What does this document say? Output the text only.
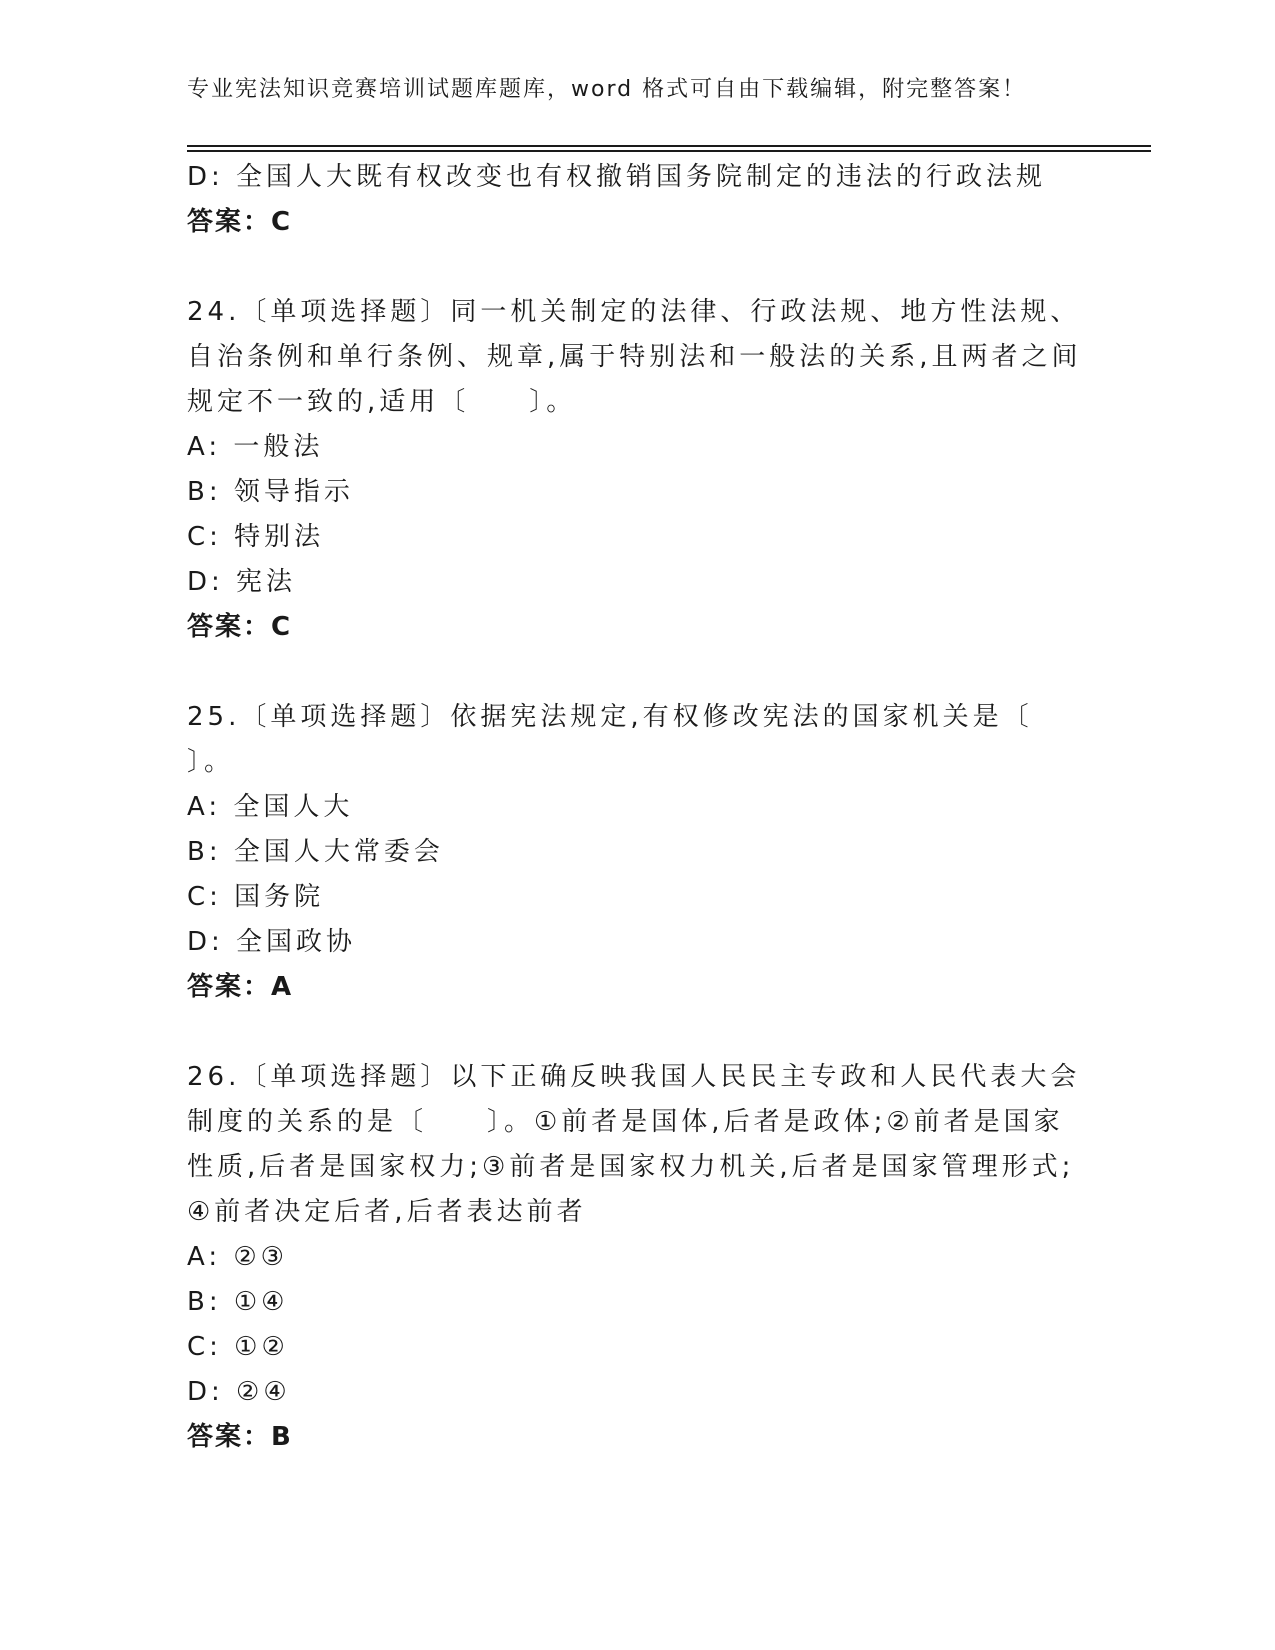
专业宪法知识竞赛培训试题库题库，word 格式可自由下载编辑，附完整答案！
D: 全国人大既有权改变也有权撤销国务院制定的违法的行政法规
答案：C
24.〔单项选择题〕同一机关制定的法律、行政法规、地方性法规、自治条例和单行条例、规章,属于特别法和一般法的关系,且两者之间规定不一致的,适用〔　　〕。
A: 一般法
B: 领导指示
C: 特别法
D: 宪法
答案：C
25.〔单项选择题〕依据宪法规定,有权修改宪法的国家机关是〔　　〕。
A: 全国人大
B: 全国人大常委会
C: 国务院
D: 全国政协
答案：A
26.〔单项选择题〕以下正确反映我国人民民主专政和人民代表大会制度的关系的是〔　　〕。①前者是国体,后者是政体;②前者是国家性质,后者是国家权力;③前者是国家权力机关,后者是国家管理形式;④前者决定后者,后者表达前者
A: ②③
B: ①④
C: ①②
D: ②④
答案：B
